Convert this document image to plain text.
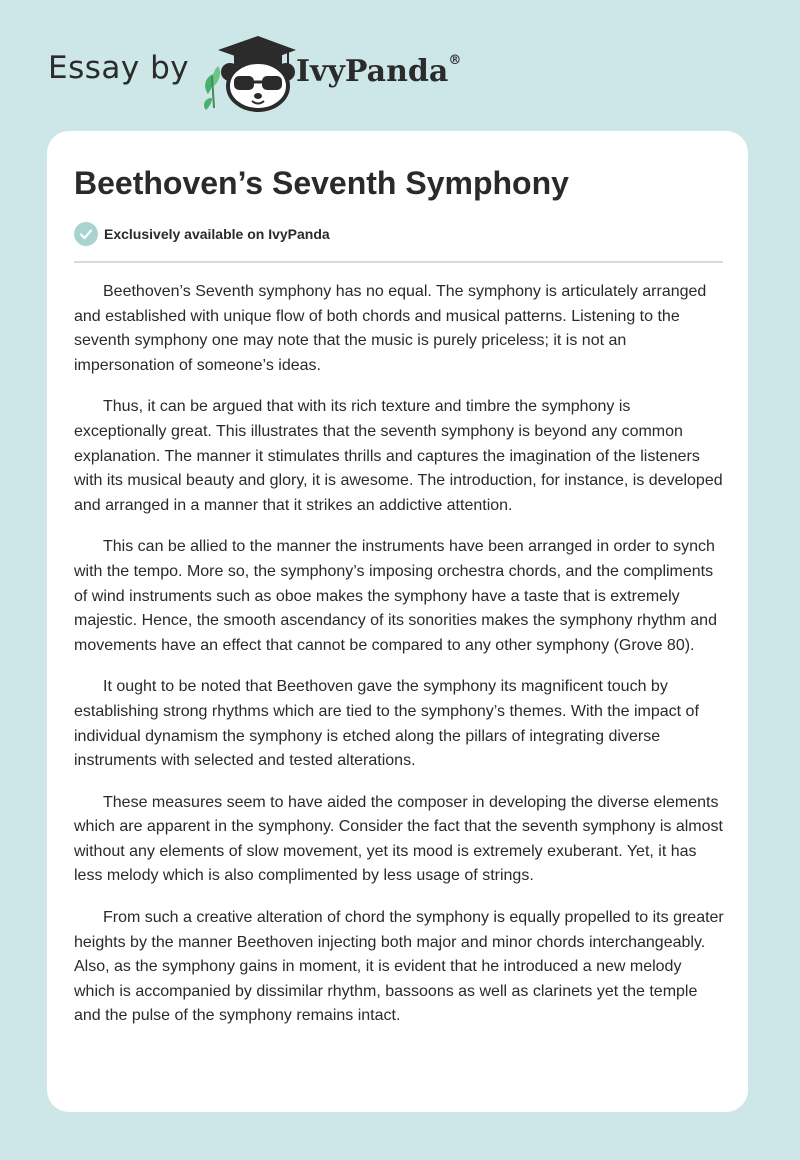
Essay by	IvyPanda®
Beethoven’s Seventh Symphony
Exclusively available on IvyPanda

Beethoven’s Seventh symphony has no equal. The symphony is articulately arranged and established with unique flow of both chords and musical patterns. Listening to the seventh symphony one may note that the music is purely priceless; it is not an impersonation of someone’s ideas.

Thus, it can be argued that with its rich texture and timbre the symphony is exceptionally great. This illustrates that the seventh symphony is beyond any common explanation. The manner it stimulates thrills and captures the imagination of the listeners with its musical beauty and glory, it is awesome. The introduction, for instance, is developed and arranged in a manner that it strikes an addictive attention.

This can be allied to the manner the instruments have been arranged in order to synch with the tempo. More so, the symphony’s imposing orchestra chords, and the compliments of wind instruments such as oboe makes the symphony have a taste that is extremely majestic. Hence, the smooth ascendancy of its sonorities makes the symphony rhythm and movements have an effect that cannot be compared to any other symphony (Grove 80).

It ought to be noted that Beethoven gave the symphony its magnificent touch by establishing strong rhythms which are tied to the symphony’s themes. With the impact of individual dynamism the symphony is etched along the pillars of integrating diverse instruments with selected and tested alterations.

These measures seem to have aided the composer in developing the diverse elements which are apparent in the symphony. Consider the fact that the seventh symphony is almost without any elements of slow movement, yet its mood is extremely exuberant. Yet, it has less melody which is also complimented by less usage of strings.

From such a creative alteration of chord the symphony is equally propelled to its greater heights by the manner Beethoven injecting both major and minor chords interchangeably. Also, as the symphony gains in moment, it is evident that he introduced a new melody which is accompanied by dissimilar rhythm, bassoons as well as clarinets yet the temple and the pulse of the symphony remains intact.
